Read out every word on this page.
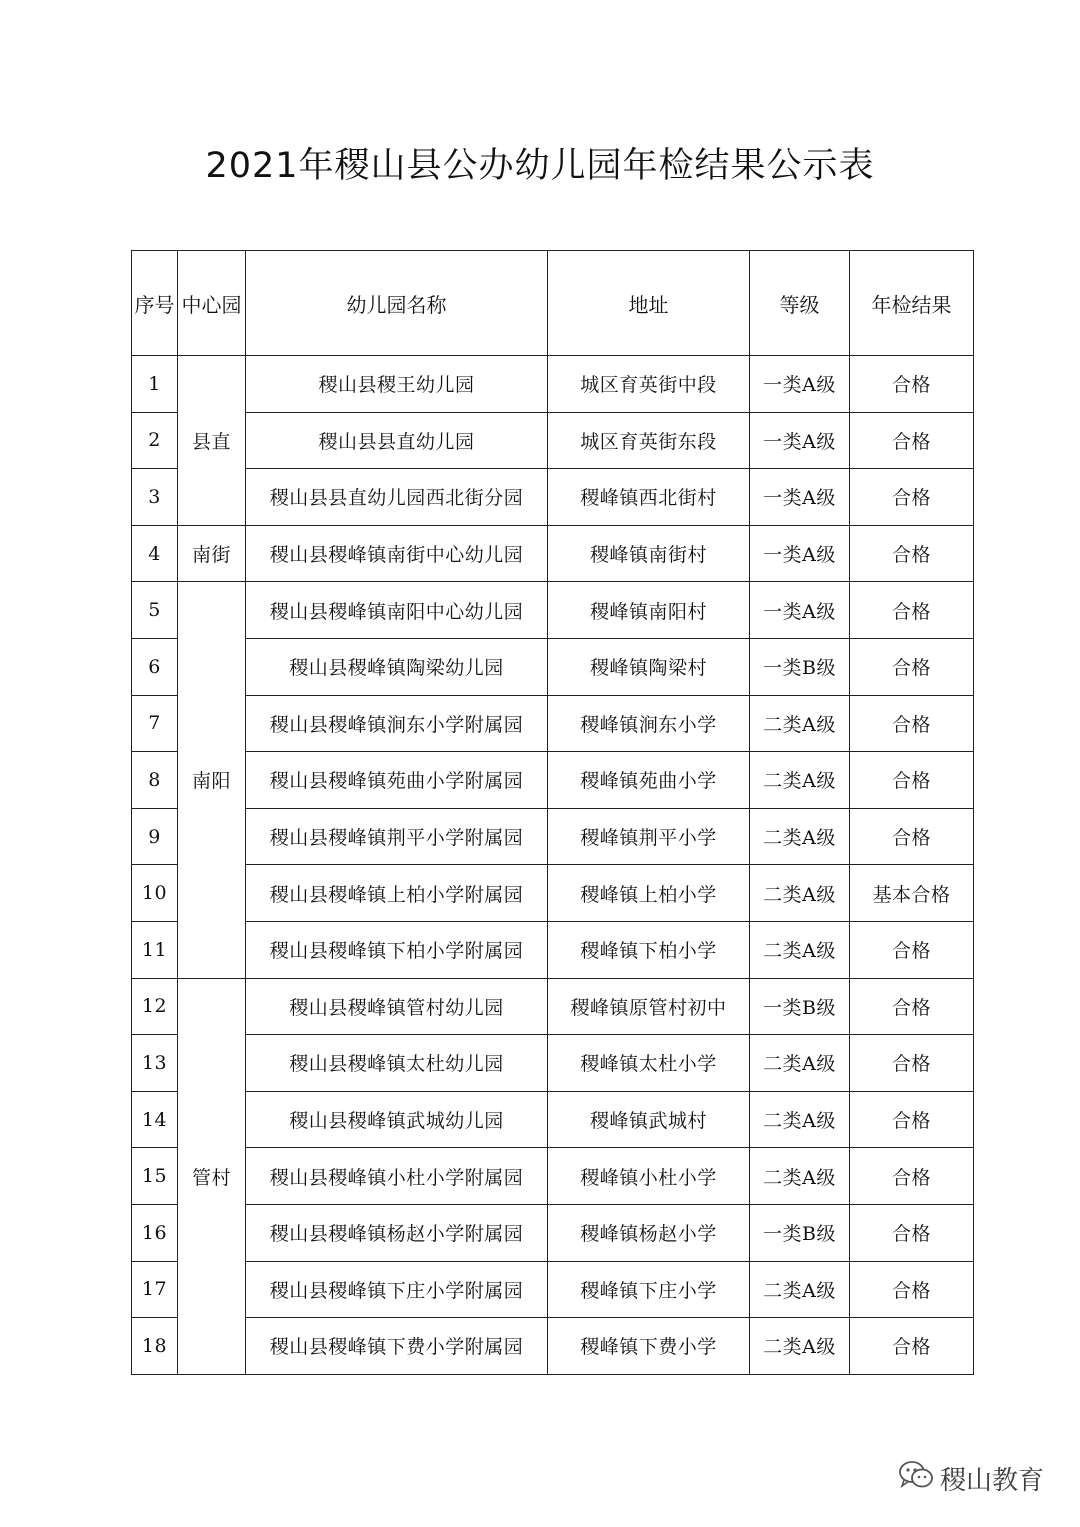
2021年稷山县公办幼儿园年检结果公示表
序号	中心园	幼儿园名称	地址	等级	年检结果
1	县直	稷山县稷王幼儿园	城区育英街中段	一类A级	合格
2		稷山县县直幼儿园	城区育英街东段	一类A级	合格
3		稷山县县直幼儿园西北街分园	稷峰镇西北街村	一类A级	合格
4	南街	稷山县稷峰镇南街中心幼儿园	稷峰镇南街村	一类A级	合格
5	南阳	稷山县稷峰镇南阳中心幼儿园	稷峰镇南阳村	一类A级	合格
6		稷山县稷峰镇陶梁幼儿园	稷峰镇陶梁村	一类B级	合格
7		稷山县稷峰镇涧东小学附属园	稷峰镇涧东小学	二类A级	合格
8		稷山县稷峰镇苑曲小学附属园	稷峰镇苑曲小学	二类A级	合格
9		稷山县稷峰镇荆平小学附属园	稷峰镇荆平小学	二类A级	合格
10		稷山县稷峰镇上柏小学附属园	稷峰镇上柏小学	二类A级	基本合格
11		稷山县稷峰镇下柏小学附属园	稷峰镇下柏小学	二类A级	合格
12	管村	稷山县稷峰镇管村幼儿园	稷峰镇原管村初中	一类B级	合格
13		稷山县稷峰镇太杜幼儿园	稷峰镇太杜小学	二类A级	合格
14		稷山县稷峰镇武城幼儿园	稷峰镇武城村	二类A级	合格
15		稷山县稷峰镇小杜小学附属园	稷峰镇小杜小学	二类A级	合格
16		稷山县稷峰镇杨赵小学附属园	稷峰镇杨赵小学	一类B级	合格
17		稷山县稷峰镇下庄小学附属园	稷峰镇下庄小学	二类A级	合格
18		稷山县稷峰镇下费小学附属园	稷峰镇下费小学	二类A级	合格
稷山教育
